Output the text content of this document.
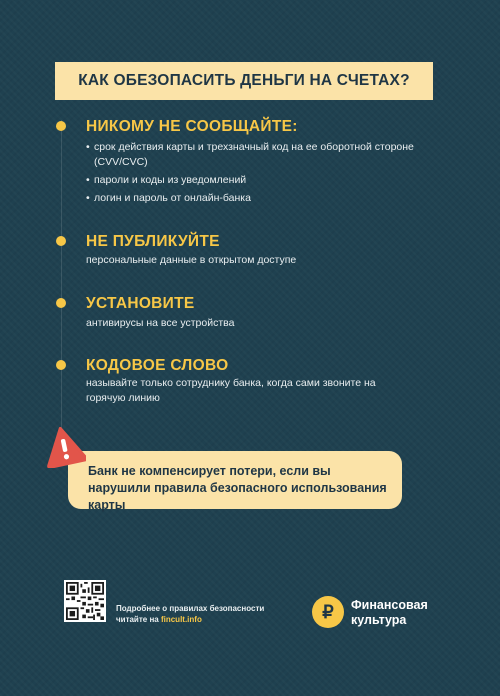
КАК ОБЕЗОПАСИТЬ ДЕНЬГИ НА СЧЕТАХ?
НИКОМУ НЕ СООБЩАЙТЕ:
• срок действия карты и трехзначный код на ее оборотной стороне (CVV/CVC)
• пароли и коды из уведомлений
• логин и пароль от онлайн-банка
НЕ ПУБЛИКУЙТЕ
персональные данные в открытом доступе
УСТАНОВИТЕ
антивирусы на все устройства
КОДОВОЕ СЛОВО
называйте только сотруднику банка, когда сами звоните на горячую линию
Банк не компенсирует потери, если вы нарушили правила безопасного использования карты
Подробнее о правилах безопасности
читайте на fincult.info	₽	Финансовая культура
